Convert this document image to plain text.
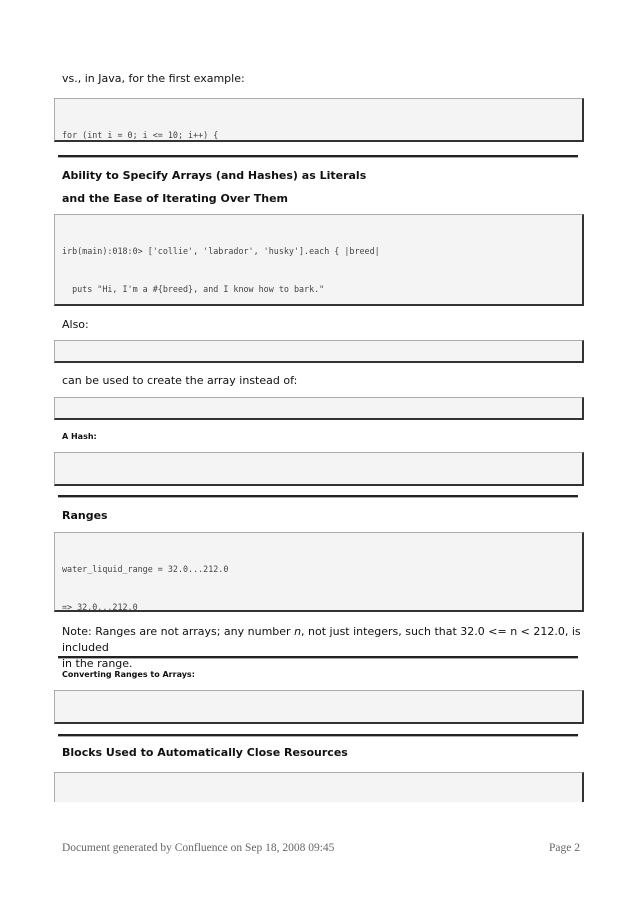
vs., in Java, for the first example:

for (int i = 0; i <= 10; i++) {

Ability to Specify Arrays (and Hashes) as Literals
and the Ease of Iterating Over Them

irb(main):018:0> ['collie', 'labrador', 'husky'].each { |breed|

puts "Hi, I'm a #{breed}, and I know how to bark."

Also:

can be used to create the array instead of:

A Hash:

Ranges

water_liquid_range = 32.0...212.0

=> 32.0...212.0

Note: Ranges are not arrays; any number n, not just integers, such that 32.0 <= n < 212.0, is included
in the range.
Converting Ranges to Arrays:

Blocks Used to Automatically Close Resources

Document generated by Confluence on Sep 18, 2008 09:45	Page 2
